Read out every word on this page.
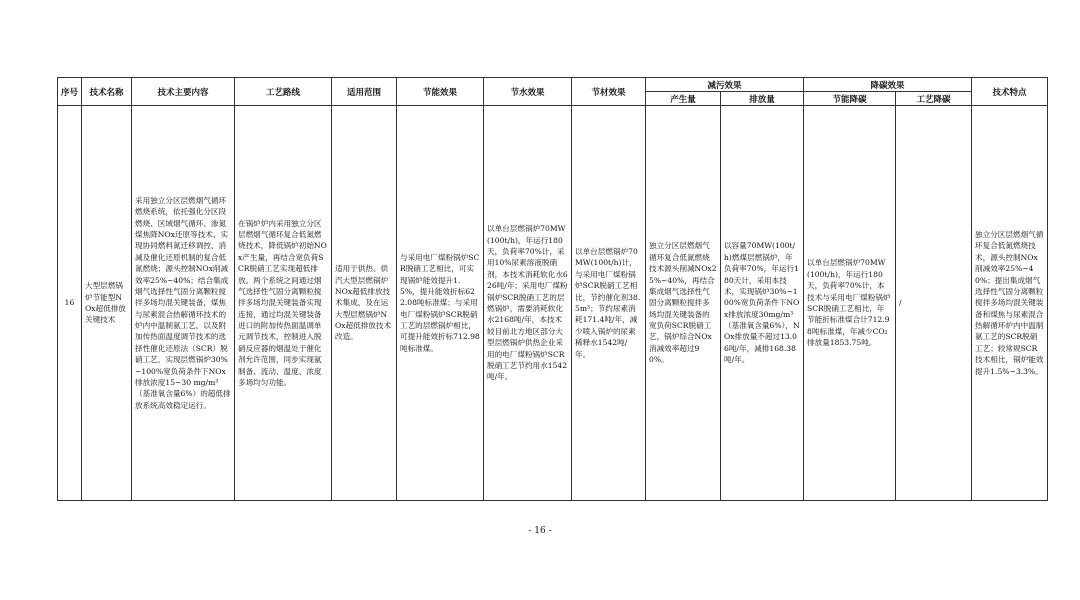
序号	技术名称	技术主要内容	工艺路线	适用范围	节能效果	节水效果	节材效果	减污效果		降碳效果		技术特点
								产生量	排放量	节能降碳	工艺降碳	
16	大型层燃锅炉节能型NOx超低排放关键技术	采用独立分区层燃烟气循环燃烧系统，依托强化分区段燃烧、区域烟气循环、渗氮煤焦降NOx还原等技术，实现协同燃料氮迁移调控、消减及催化还原机制的复合低氮燃烧；源头控制NOx削减效率25%~40%；结合集成烟气选择性气固分离颗粒搅拌多场均混关键装备，煤焦与尿素混合热解循环技术的炉内中温制氨工艺，以及附加传热面温度调节技术的选择性催化还原法（SCR）脱硝工艺，实现层燃锅炉30%~100%宽负荷条件下NOx排放浓度15~30 mg/m³（基准氧含量6%）的超低排放系统高效稳定运行。	在锅炉炉内采用独立分区层燃烟气循环复合低氮燃烧技术，降低锅炉初始NOx产生量，再结合宽负荷SCR脱硝工艺实现超低排放。两个系统之间通过烟气选择性气固分离颗粒搅拌多场均混关键装备实现连接，通过均混关键装备进口的附加传热面温调单元调节技术，控制进入脱硝反应器的烟温处于催化剂允许范围，同步实现氨制备、流动、温度、浓度多场均匀功能。	适用于供热、供汽大型层燃锅炉NOx超低排放技术集成，及在运大型层燃锅炉NOx超低排放技术改造。	与采用电厂煤粉锅炉SCR脱硝工艺相比，可实现锅炉能效提升1.5%，提升能效折标622.08吨标准煤；与采用电厂煤粉锅炉SCR脱硝工艺的层燃锅炉相比，可提升能效折标712.98吨标准煤。	以单台层燃锅炉70MW(100t/h)，年运行180天，负荷率70%计，采用10%尿素溶液脱硝剂，本技术消耗软化水626吨/年；采用电厂煤粉锅炉SCR脱硝工艺的层燃锅炉，需要消耗软化水2168吨/年，本技术较目前北方地区部分大型层燃锅炉供热企业采用的电厂煤粉锅炉SCR脱硝工艺节约用水1542吨/年。	以单台层燃锅炉70MW(100t/h)计，与采用电厂煤粉锅炉SCR脱硝工艺相比，节约催化剂38.5m³；节约尿素消耗171.4吨/年，减少喷入锅炉的尿素稀释水1542吨/年。	独立分区层燃烟气循环复合低氮燃烧技术源头削减NOx25%~40%，再结合集成烟气选择性气固分离颗粒搅拌多场均混关键装备的宽负荷SCR脱硝工艺，锅炉综合NOx消减效率超过90%。	以容量70MW(100t/h)燃煤层燃锅炉，年负荷率70%，年运行180天计，采用本技术，实现锅炉30%~100%宽负荷条件下NOx排放浓度30mg/m³（基准氧含量6%），NOx排放量不超过13.06吨/年，减排168.38吨/年。	以单台层燃锅炉70MW(100t/h)，年运行180天，负荷率70%计，本技术与采用电厂煤粉锅炉SCR脱硝工艺相比，年节能折标准煤合计712.98吨标准煤，年减少CO₂排放量1853.75吨。	/	独立分区层燃烟气循环复合低氮燃烧技术，源头控制NOx削减效率25%~40%；提出集成烟气选择性气固分离颗粒搅拌多场均混关键装备和煤焦与尿素混合热解循环炉内中温制氨工艺的SCR脱硝工艺；较常规SCR技术相比，锅炉能效提升1.5%~3.3%。
- 16 -
